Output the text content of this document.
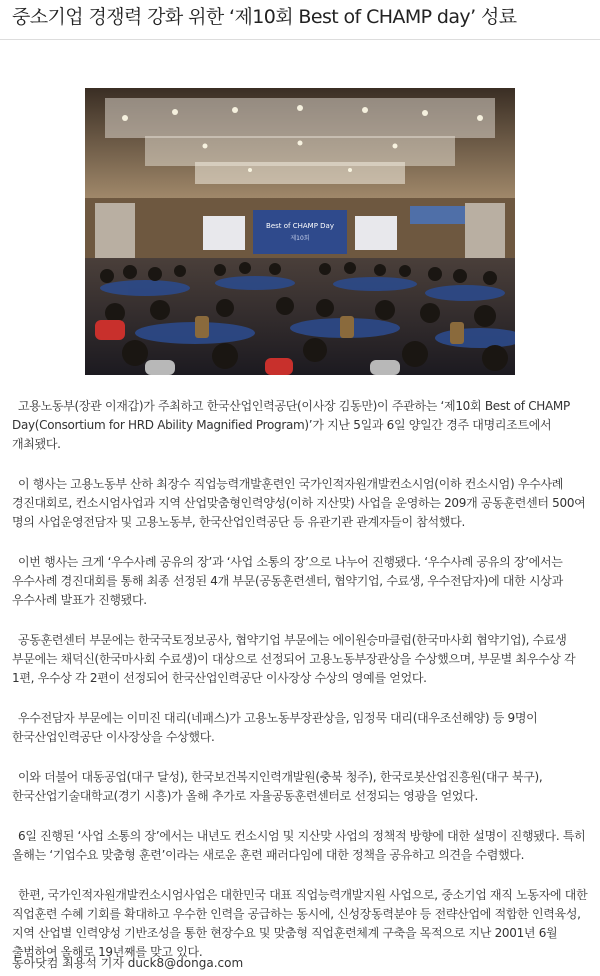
중소기업 경쟁력 강화 위한 ‘제10회 Best of CHAMP day’ 성료
Best of CHAMP Day
제10회

고용노동부(장관 이재갑)가 주최하고 한국산업인력공단(이사장 김동만)이 주관하는 ‘제10회 Best of CHAMP Day(Consortium for HRD Ability Magnified Program)’가 지난 5일과 6일 양일간 경주 대명리조트에서 개최됐다.

이 행사는 고용노동부 산하 최장수 직업능력개발훈련인 국가인적자원개발컨소시엄(이하 컨소시엄) 우수사례 경진대회로, 컨소시엄사업과 지역 산업맞춤형인력양성(이하 지산맞) 사업을 운영하는 209개 공동훈련센터 500여 명의 사업운영전담자 및 고용노동부, 한국산업인력공단 등 유관기관 관계자들이 참석했다.

이번 행사는 크게 ‘우수사례 공유의 장’과 ‘사업 소통의 장’으로 나누어 진행됐다. ‘우수사례 공유의 장’에서는 우수사례 경진대회를 통해 최종 선정된 4개 부문(공동훈련센터, 협약기업, 수료생, 우수전담자)에 대한 시상과 우수사례 발표가 진행됐다.

공동훈련센터 부문에는 한국국토정보공사, 협약기업 부문에는 에이원승마클럽(한국마사회 협약기업), 수료생 부문에는 채덕신(한국마사회 수료생)이 대상으로 선정되어 고용노동부장관상을 수상했으며, 부문별 최우수상 각 1편, 우수상 각 2편이 선정되어 한국산업인력공단 이사장상 수상의 영예를 얻었다.

우수전담자 부문에는 이미진 대리(네패스)가 고용노동부장관상을, 임정묵 대리(대우조선해양) 등 9명이 한국산업인력공단 이사장상을 수상했다.

이와 더불어 대동공업(대구 달성), 한국보건복지인력개발원(충북 청주), 한국로봇산업진흥원(대구 북구), 한국산업기술대학교(경기 시흥)가 올해 추가로 자율공동훈련센터로 선정되는 영광을 얻었다.

6일 진행된 ‘사업 소통의 장’에서는 내년도 컨소시엄 및 지산맞 사업의 정책적 방향에 대한 설명이 진행됐다. 특히 올해는 ‘기업수요 맞춤형 훈련’이라는 새로운 훈련 패러다임에 대한 정책을 공유하고 의견을 수렴했다.

한편, 국가인적자원개발컨소시엄사업은 대한민국 대표 직업능력개발지원 사업으로, 중소기업 재직 노동자에 대한 직업훈련 수혜 기회를 확대하고 우수한 인력을 공급하는 동시에, 신성장동력분야 등 전략산업에 적합한 인력육성, 지역 산업별 인력양성 기반조성을 통한 현장수요 및 맞춤형 직업훈련체계 구축을 목적으로 지난 2001년 6월 출범하여 올해로 19년째를 맞고 있다.

동아닷컴 최용석 기자 duck8@donga.com
